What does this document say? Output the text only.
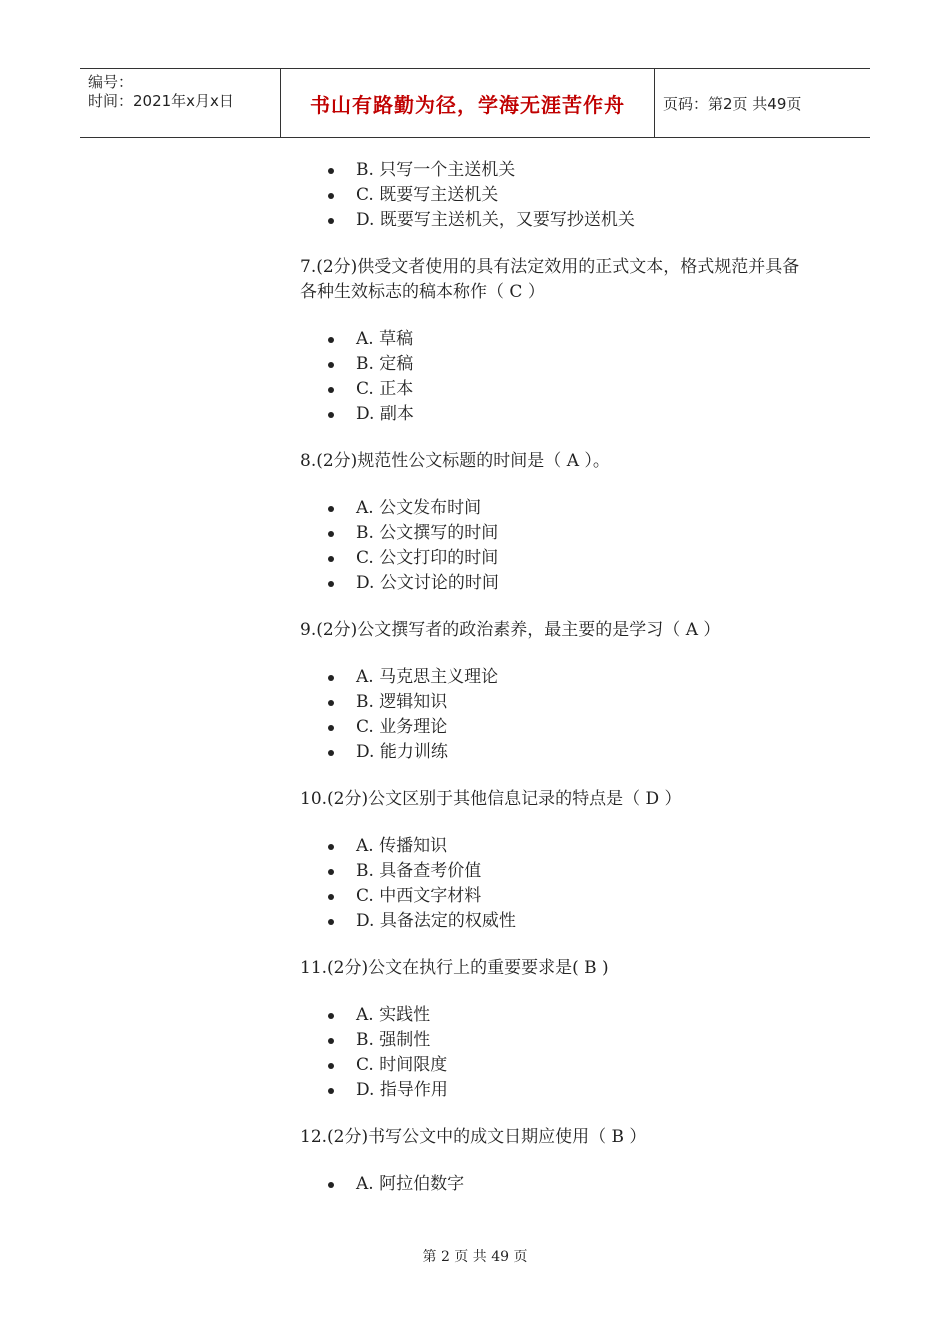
编号：
时间：2021年x月x日	书山有路勤为径，学海无涯苦作舟	页码：第2页 共49页
B. 只写一个主送机关
C. 既要写主送机关
D. 既要写主送机关，又要写抄送机关
7.(2分)供受文者使用的具有法定效用的正式文本，格式规范并具备各种生效标志的稿本称作（ C ）
A. 草稿
B. 定稿
C. 正本
D. 副本
8.(2分)规范性公文标题的时间是（ A ）。
A. 公文发布时间
B. 公文撰写的时间
C. 公文打印的时间
D. 公文讨论的时间
9.(2分)公文撰写者的政治素养，最主要的是学习（ A ）
A. 马克思主义理论
B. 逻辑知识
C. 业务理论
D. 能力训练
10.(2分)公文区别于其他信息记录的特点是（ D ）
A. 传播知识
B. 具备查考价值
C. 中西文字材料
D. 具备法定的权威性
11.(2分)公文在执行上的重要要求是( B )
A. 实践性
B. 强制性
C. 时间限度
D. 指导作用
12.(2分)书写公文中的成文日期应使用（ B ）
A. 阿拉伯数字
第 2 页 共 49 页
